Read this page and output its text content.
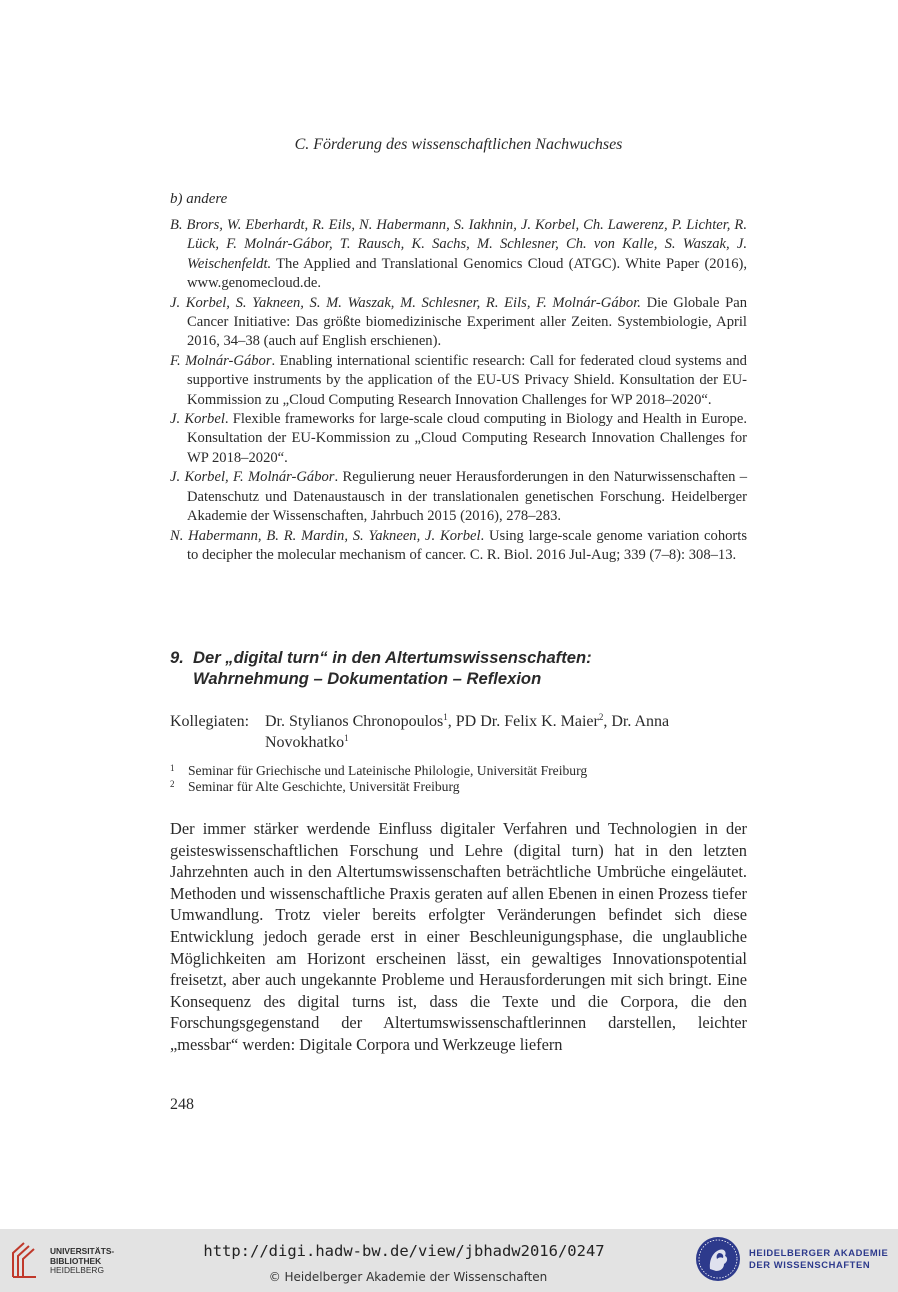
C. Förderung des wissenschaftlichen Nachwuchses
b) andere

B. Brors, W. Eberhardt, R. Eils, N. Habermann, S. Iakhnin, J. Korbel, Ch. Lawerenz, P. Lichter, R. Lück, F. Molnár-Gábor, T. Rausch, K. Sachs, M. Schlesner, Ch. von Kalle, S. Waszak, J. Weischenfeldt. The Applied and Translational Genomics Cloud (ATGC). White Paper (2016), www.genomecloud.de.

J. Korbel, S. Yakneen, S. M. Waszak, M. Schlesner, R. Eils, F. Molnár-Gábor. Die Globale Pan Cancer Initiative: Das größte biomedizinische Experiment aller Zeiten. Systembiologie, April 2016, 34–38 (auch auf English erschienen).

F. Molnár-Gábor. Enabling international scientific research: Call for federated cloud systems and supportive instruments by the application of the EU-US Privacy Shield. Konsultation der EU-Kommission zu „Cloud Computing Research Innovation Challenges for WP 2018–2020“.

J. Korbel. Flexible frameworks for large-scale cloud computing in Biology and Health in Europe. Konsultation der EU-Kommission zu „Cloud Computing Research Innovation Challenges for WP 2018–2020“.

J. Korbel, F. Molnár-Gábor. Regulierung neuer Herausforderungen in den Naturwissenschaften – Datenschutz und Datenaustausch in der translationalen genetischen Forschung. Heidelberger Akademie der Wissenschaften, Jahrbuch 2015 (2016), 278–283.

N. Habermann, B. R. Mardin, S. Yakneen, J. Korbel. Using large-scale genome variation cohorts to decipher the molecular mechanism of cancer. C. R. Biol. 2016 Jul-Aug; 339 (7–8): 308–13.

9. Der „digital turn“ in den Altertumswissenschaften:
Wahrnehmung – Dokumentation – Reflexion
Kollegiaten: Dr. Stylianos Chronopoulos$^1$, PD Dr. Felix K. Maier$^2$, Dr. Anna Novokhatko$^1$
1 Seminar für Griechische und Lateinische Philologie, Universität Freiburg
2 Seminar für Alte Geschichte, Universität Freiburg

Der immer stärker werdende Einfluss digitaler Verfahren und Technologien in der geisteswissenschaftlichen Forschung und Lehre (digital turn) hat in den letzten Jahrzehnten auch in den Altertumswissenschaften beträchtliche Umbrüche eingeläutet. Methoden und wissenschaftliche Praxis geraten auf allen Ebenen in einen Prozess tiefer Umwandlung. Trotz vieler bereits erfolgter Veränderungen befindet sich diese Entwicklung jedoch gerade erst in einer Beschleunigungsphase, die unglaubliche Möglichkeiten am Horizont erscheinen lässt, ein gewaltiges Innovationspotential freisetzt, aber auch ungekannte Probleme und Herausforderungen mit sich bringt. Eine Konsequenz des digital turns ist, dass die Texte und die Corpora, die den Forschungsgegenstand der Altertumswissenschaftlerinnen darstellen, leichter „messbar“ werden: Digitale Corpora und Werkzeuge liefern

248
UNIVERSITÄTS-
BIBLIOTHEK
HEIDELBERG
http://digi.hadw-bw.de/view/jbhadw2016/0247
© Heidelberger Akademie der Wissenschaften
HEIDELBERGER AKADEMIE
DER WISSENSCHAFTEN
